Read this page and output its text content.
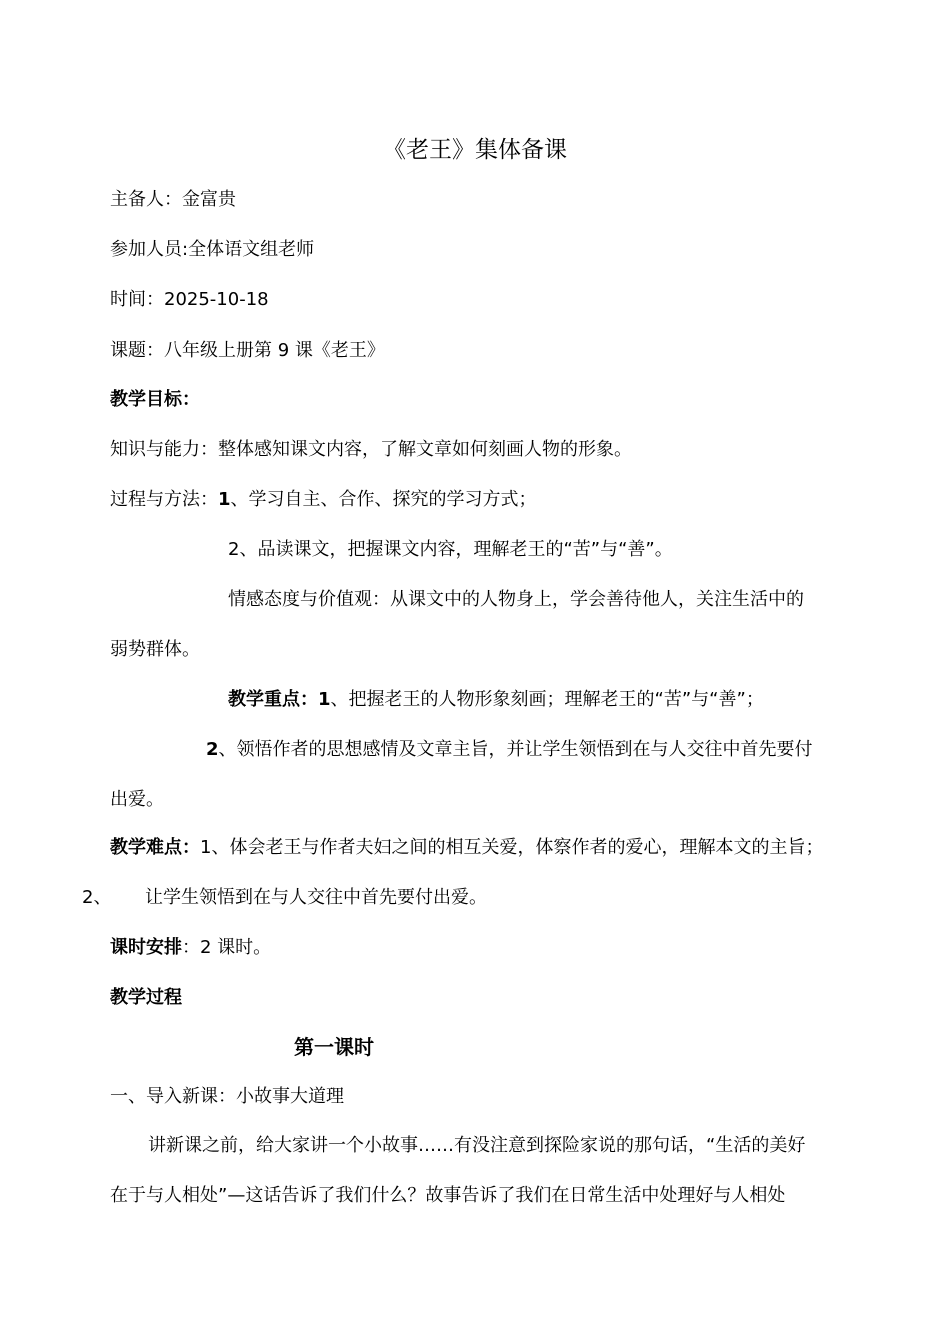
《老王》集体备课
主备人：金富贵
参加人员:全体语文组老师
时间：2025-10-18
课题：八年级上册第 9 课《老王》
教学目标：
知识与能力：整体感知课文内容，了解文章如何刻画人物的形象。
过程与方法：1、学习自主、合作、探究的学习方式；
2、品读课文，把握课文内容，理解老王的“苦”与“善”。
情感态度与价值观：从课文中的人物身上，学会善待他人，关注生活中的
弱势群体。
教学重点：1、把握老王的人物形象刻画；理解老王的“苦”与“善”；
2、领悟作者的思想感情及文章主旨，并让学生领悟到在与人交往中首先要付
出爱。
教学难点：1、体会老王与作者夫妇之间的相互关爱，体察作者的爱心，理解本文的主旨；
2、 让学生领悟到在与人交往中首先要付出爱。
课时安排：2 课时。
教学过程
第一课时
一、导入新课：小故事大道理
讲新课之前，给大家讲一个小故事……有没注意到探险家说的那句话，“生活的美好
在于与人相处”—这话告诉了我们什么？故事告诉了我们在日常生活中处理好与人相处
